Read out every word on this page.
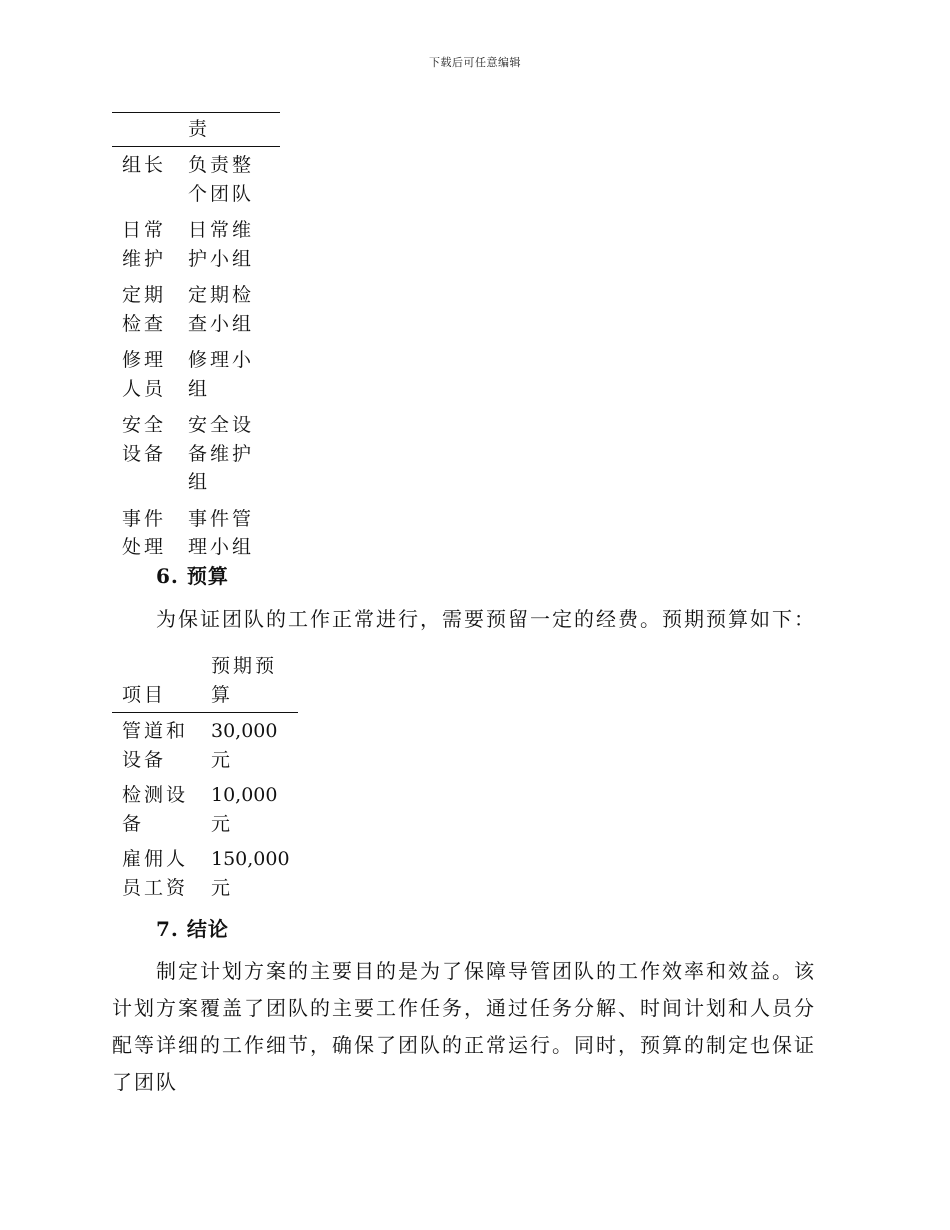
下载后可任意编辑
责	

组长	负责整
个团队

日常
维护	日常维
护小组

定期
检查	定期检
查小组

修理
人员	修理小
组

安全
设备	安全设
备维护
组

事件
处理	事件管
理小组
6. 预算
为保证团队的工作正常进行，需要预留一定的经费。预期预算如下：
项目	预期预
算

管道和
设备	30,000
元

检测设
备	10,000
元

雇佣人
员工资	150,000
元
7. 结论
制定计划方案的主要目的是为了保障导管团队的工作效率和效益。该计划方案覆盖了团队的主要工作任务，通过任务分解、时间计划和人员分配等详细的工作细节，确保了团队的正常运行。同时，预算的制定也保证了团队
